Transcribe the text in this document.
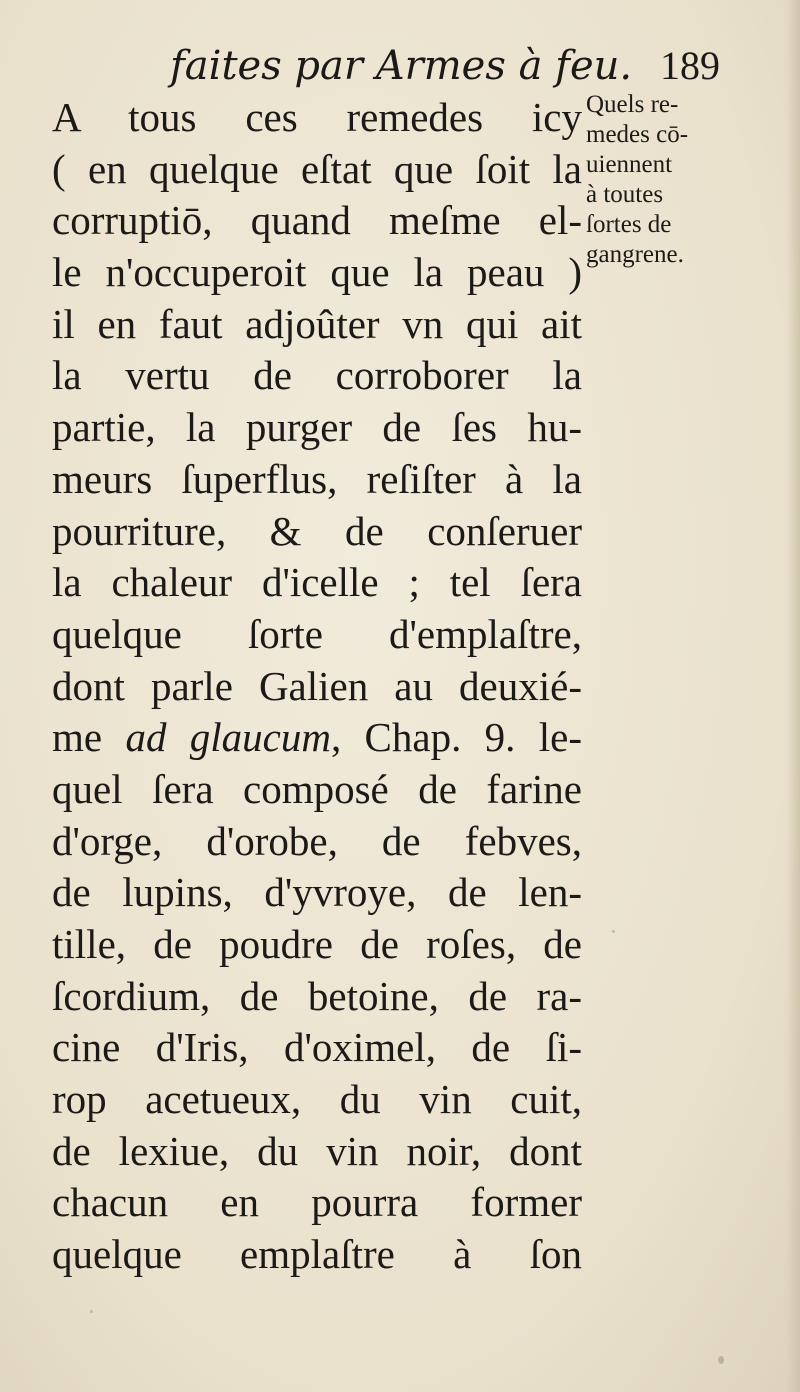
faites par Armes à feu. 189
A tous ces remedes icy
( en quelque eſtat que ſoit la
corruptiō, quand meſme el-
le n'occuperoit que la peau )
il en faut adjoûter vn qui ait
la vertu de corroborer la
partie, la purger de ſes hu-
meurs ſuperflus, reſiſter à la
pourriture, & de conſeruer
la chaleur d'icelle ; tel ſera
quelque ſorte d'emplaſtre,
dont parle Galien au deuxié-
me ad glaucum, Chap. 9. le-
quel ſera composé de farine
d'orge, d'orobe, de febves,
de lupins, d'yvroye, de len-
tille, de poudre de roſes, de
ſcordium, de betoine, de ra-
cine d'Iris, d'oximel, de ſi-
rop acetueux, du vin cuit,
de lexiue, du vin noir, dont
chacun en pourra former
quelque emplaſtre à ſon
Quels re-
medes cō-
uiennent
à toutes
ſortes de
gangrene.
